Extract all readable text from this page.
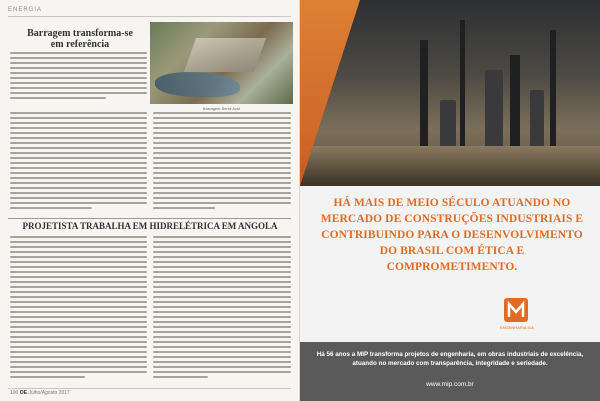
ENERGIA
Barragem transforma-se
em referência
Barragem Serra Azul
PROJETISTA TRABALHA EM HIDRELÉTRICA EM ANGOLA
100 OE Julho/Agosto 2017
HÁ MAIS DE MEIO SÉCULO ATUANDO NO MERCADO DE CONSTRUÇÕES INDUSTRIAIS E CONTRIBUINDO PARA O DESENVOLVIMENTO DO BRASIL COM ÉTICA E COMPROMETIMENTO.
ENGENHARIA S/A
Há 56 anos a MIP transforma projetos de engenharia, em obras industriais de excelência, atuando no mercado com transparência, integridade e seriedade.
www.mip.com.br
